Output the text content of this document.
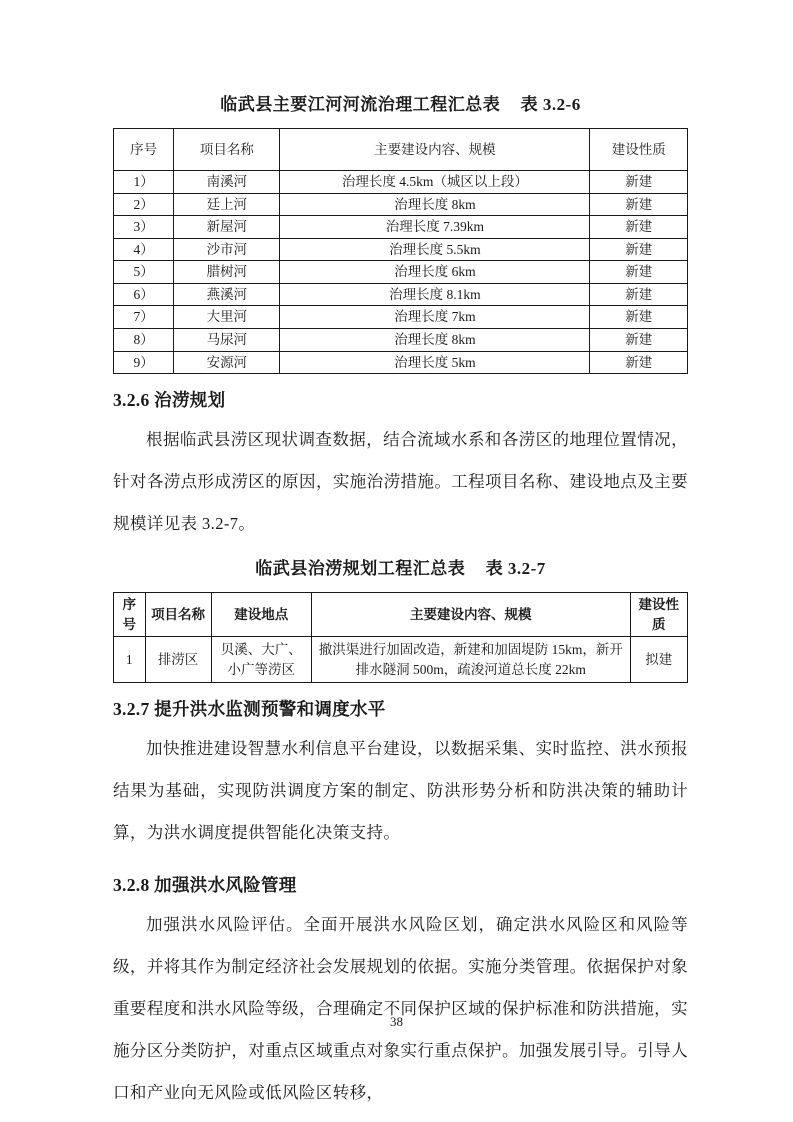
临武县主要江河河流治理工程汇总表 表 3.2-6
序号	项目名称	主要建设内容、规模	建设性质
1）	南溪河	治理长度 4.5km（城区以上段）	新建
2）	廷上河	治理长度 8km	新建
3）	新屋河	治理长度 7.39km	新建
4）	沙市河	治理长度 5.5km	新建
5）	腊树河	治理长度 6km	新建
6）	燕溪河	治理长度 8.1km	新建
7）	大里河	治理长度 7km	新建
8）	马尿河	治理长度 8km	新建
9）	安源河	治理长度 5km	新建
3.2.6 治涝规划

根据临武县涝区现状调查数据，结合流域水系和各涝区的地理位置情况，针对各涝点形成涝区的原因，实施治涝措施。工程项目名称、建设地点及主要规模详见表 3.2-7。

临武县治涝规划工程汇总表 表 3.2-7
序号	项目名称	建设地点	主要建设内容、规模	建设性质
1	排涝区	贝溪、大广、小广等涝区	撤洪渠进行加固改造，新建和加固堤防 15km，新开排水隧洞 500m，疏浚河道总长度 22km	拟建
3.2.7 提升洪水监测预警和调度水平

加快推进建设智慧水利信息平台建设，以数据采集、实时监控、洪水预报结果为基础，实现防洪调度方案的制定、防洪形势分析和防洪决策的辅助计算，为洪水调度提供智能化决策支持。

3.2.8 加强洪水风险管理

加强洪水风险评估。全面开展洪水风险区划，确定洪水风险区和风险等级，并将其作为制定经济社会发展规划的依据。实施分类管理。依据保护对象重要程度和洪水风险等级，合理确定不同保护区域的保护标准和防洪措施，实施分区分类防护，对重点区域重点对象实行重点保护。加强发展引导。引导人口和产业向无风险或低风险区转移，

38
